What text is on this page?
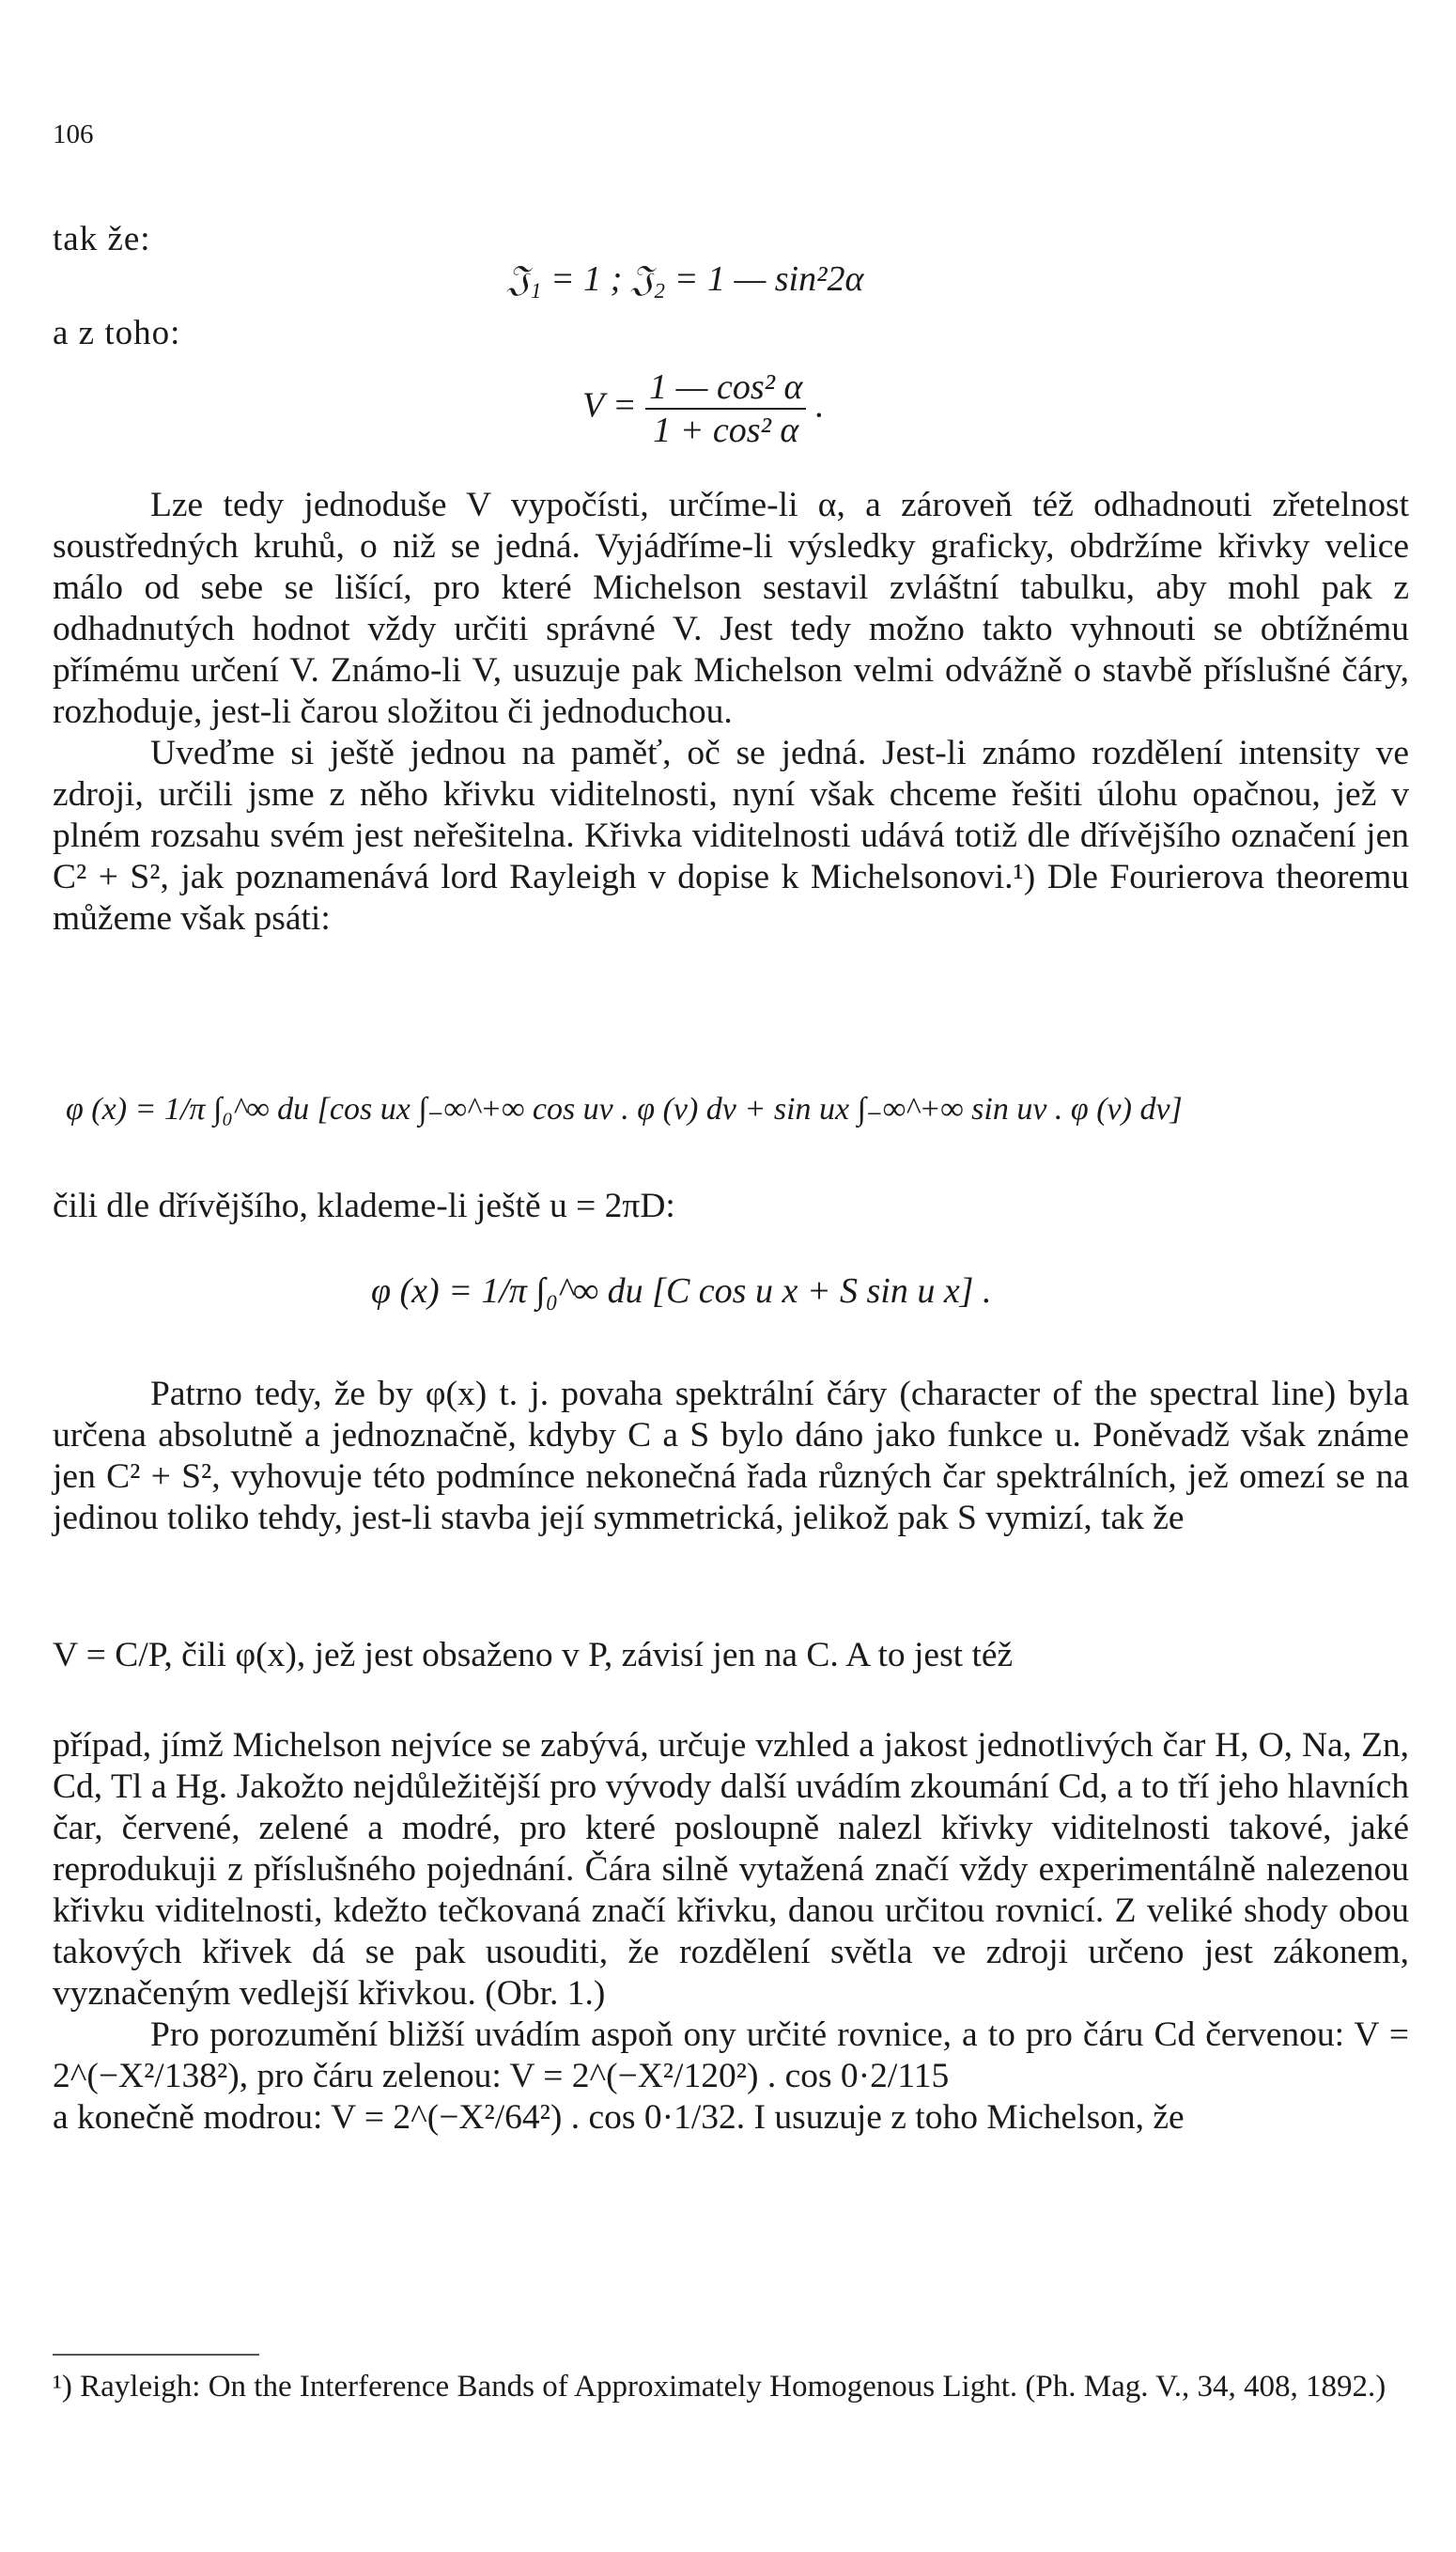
106
tak že:
a z toho:
𝔍₁ = 1 ; 𝔍₂ = 1 — sin²2α
$V = \frac{\text{1 — cos² α}}{\text{1 + cos² α}}$ .

Lze tedy jednoduše V vypočísti, určíme-li α, a zároveň též odhadnouti zřetelnost soustředných kruhů, o niž se jedná. Vyjádříme-li výsledky graficky, obdržíme křivky velice málo od sebe se lišící, pro které Michelson sestavil zvláštní tabulku, aby mohl pak z odhadnutých hodnot vždy určiti správné V. Jest tedy možno takto vyhnouti se obtížnému přímému určení V. Známo-li V, usuzuje pak Michelson velmi odvážně o stavbě příslušné čáry, rozhoduje, jest-li čarou složitou či jednoduchou.

Uveďme si ještě jednou na paměť, oč se jedná. Jest-li známo rozdělení intensity ve zdroji, určili jsme z něho křivku viditelnosti, nyní však chceme řešiti úlohu opačnou, jež v plném rozsahu svém jest neřešitelna. Křivka viditelnosti udává totiž dle dřívějšího označení jen C² + S², jak poznamenává lord Rayleigh v dopise k Michelsonovi.¹) Dle Fourierova theoremu můžeme však psáti:

φ (x) = 1/π ∫₀^∞ du [cos ux ∫₋∞^+∞ cos uv . φ (v) dv + sin ux ∫₋∞^+∞ sin uv . φ (v) dv]
čili dle dřívějšího, klademe-li ještě u = 2πD:
φ (x) = 1/π ∫₀^∞ du [C cos u x + S sin u x] .

Patrno tedy, že by φ(x) t. j. povaha spektrální čáry (character of the spectral line) byla určena absolutně a jednoznačně, kdyby C a S bylo dáno jako funkce u. Poněvadž však známe jen C² + S², vyhovuje této podmínce nekonečná řada různých čar spektrálních, jež omezí se na jedinou toliko tehdy, jest-li stavba její symmetrická, jelikož pak S vymizí, tak že

V = C/P, čili φ(x), jež jest obsaženo v P, závisí jen na C. A to jest též

případ, jímž Michelson nejvíce se zabývá, určuje vzhled a jakost jednotlivých čar H, O, Na, Zn, Cd, Tl a Hg. Jakožto nejdůležitější pro vývody další uvádím zkoumání Cd, a to tří jeho hlavních čar, červené, zelené a modré, pro které posloupně nalezl křivky viditelnosti takové, jaké reprodukuji z příslušného pojednání. Čára silně vytažená značí vždy experimentálně nalezenou křivku viditelnosti, kdežto tečkovaná značí křivku, danou určitou rovnicí. Z veliké shody obou takových křivek dá se pak usouditi, že rozdělení světla ve zdroji určeno jest zákonem, vyznačeným vedlejší křivkou. (Obr. 1.)

Pro porozumění bližší uvádím aspoň ony určité rovnice, a to pro čáru Cd červenou: V = 2^(−X²/138²), pro čáru zelenou: V = 2^(−X²/120²) . cos 0·2/115

a konečně modrou: V = 2^(−X²/64²) . cos 0·1/32. I usuzuje z toho Michelson, že

¹) Rayleigh: On the Interference Bands of Approximately Homogenous Light. (Ph. Mag. V., 34, 408, 1892.)
